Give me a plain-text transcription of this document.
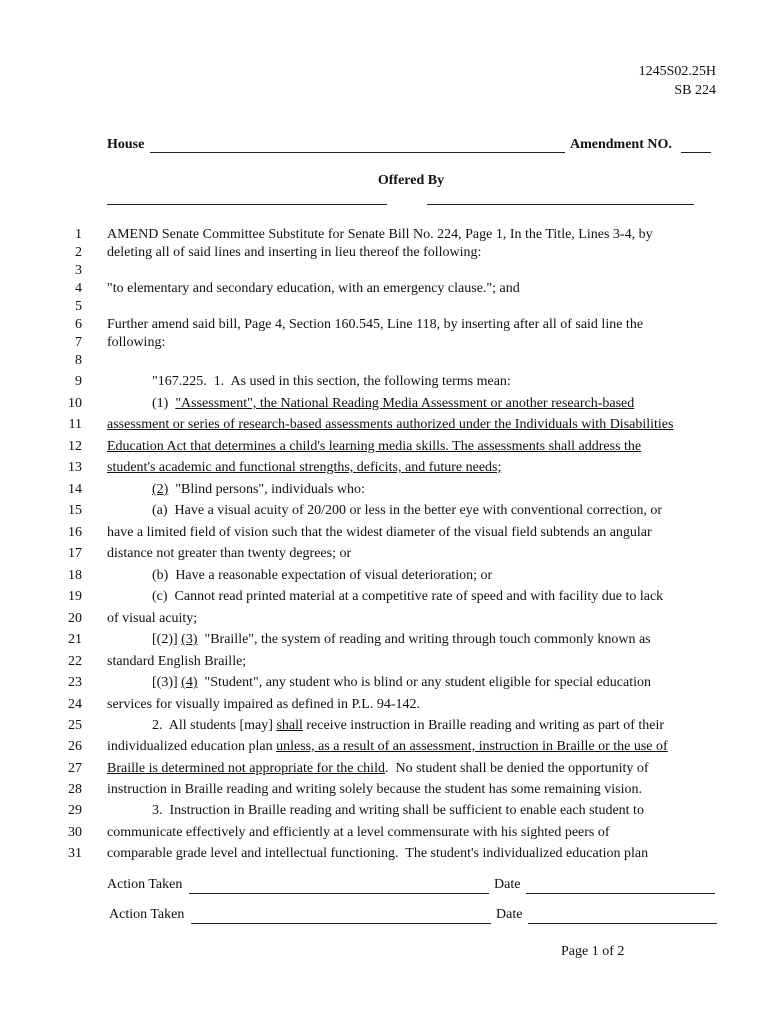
1245S02.25H
SB 224
House	Amendment NO.
Offered By
1 AMEND Senate Committee Substitute for Senate Bill No. 224, Page 1, In the Title, Lines 3-4, by
2 deleting all of said lines and inserting in lieu thereof the following:
3
4 "to elementary and secondary education, with an emergency clause."; and
5
6 Further amend said bill, Page 4, Section 160.545, Line 118, by inserting after all of said line the
7 following:
8
9	"167.225.  1.  As used in this section, the following terms mean:
10	(1)  "Assessment", the National Reading Media Assessment or another research-based
11 assessment or series of research-based assessments authorized under the Individuals with Disabilities
12 Education Act that determines a child's learning media skills. The assessments shall address the
13 student's academic and functional strengths, deficits, and future needs;
14	(2)  "Blind persons", individuals who:
15	(a)  Have a visual acuity of 20/200 or less in the better eye with conventional correction, or
16 have a limited field of vision such that the widest diameter of the visual field subtends an angular
17 distance not greater than twenty degrees; or
18	(b)  Have a reasonable expectation of visual deterioration; or
19	(c)  Cannot read printed material at a competitive rate of speed and with facility due to lack
20 of visual acuity;
21	[(2)] (3)  "Braille", the system of reading and writing through touch commonly known as
22 standard English Braille;
23	[(3)] (4)  "Student", any student who is blind or any student eligible for special education
24 services for visually impaired as defined in P.L. 94-142.
25	2.  All students [may] shall receive instruction in Braille reading and writing as part of their
26 individualized education plan unless, as a result of an assessment, instruction in Braille or the use of
27 Braille is determined not appropriate for the child.  No student shall be denied the opportunity of
28 instruction in Braille reading and writing solely because the student has some remaining vision.
29	3.  Instruction in Braille reading and writing shall be sufficient to enable each student to
30 communicate effectively and efficiently at a level commensurate with his sighted peers of
31 comparable grade level and intellectual functioning.  The student's individualized education plan
Action Taken	Date
Action Taken	Date
Page 1 of 2
